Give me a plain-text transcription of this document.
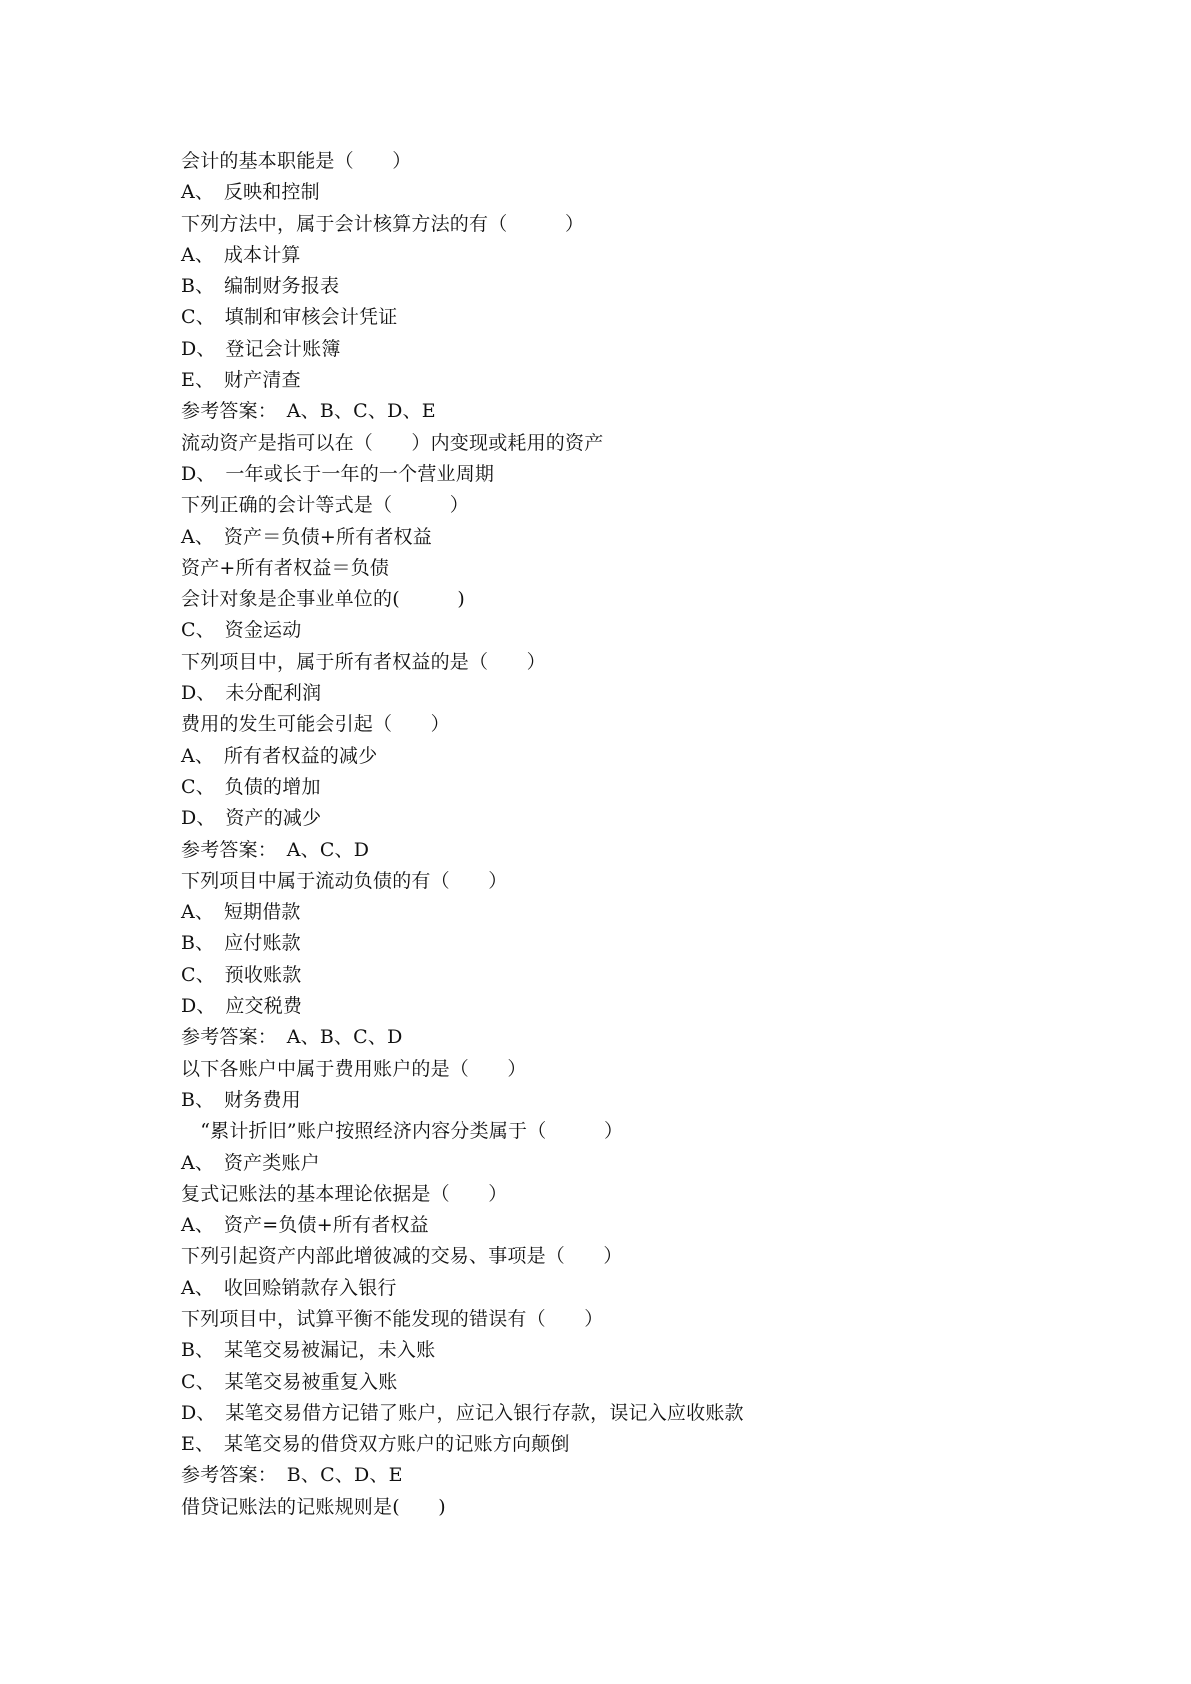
会计的基本职能是（　　）
A、　反映和控制
下列方法中，属于会计核算方法的有（　　　）
A、　成本计算
B、　编制财务报表
C、　填制和审核会计凭证
D、　登记会计账簿
E、　财产清查
参考答案：　A、B、C、D、E
流动资产是指可以在（　　）内变现或耗用的资产
D、　一年或长于一年的一个营业周期
下列正确的会计等式是（　　　）
A、　资产＝负债+所有者权益
资产+所有者权益＝负债
会计对象是企事业单位的(　　　)
C、　资金运动
下列项目中，属于所有者权益的是（　　）
D、　未分配利润
费用的发生可能会引起（　　）
A、　所有者权益的减少
C、　负债的增加
D、　资产的减少
参考答案：　A、C、D
下列项目中属于流动负债的有（　　）
A、　短期借款
B、　应付账款
C、　预收账款
D、　应交税费
参考答案：　A、B、C、D
以下各账户中属于费用账户的是（　　）
B、　财务费用
　“累计折旧”账户按照经济内容分类属于（　　　）
A、　资产类账户
复式记账法的基本理论依据是（　　）
A、　资产=负债+所有者权益
下列引起资产内部此增彼减的交易、事项是（　　）
A、　收回赊销款存入银行
下列项目中，试算平衡不能发现的错误有（　　）
B、　某笔交易被漏记，未入账
C、　某笔交易被重复入账
D、　某笔交易借方记错了账户，应记入银行存款，误记入应收账款
E、　某笔交易的借贷双方账户的记账方向颠倒
参考答案：　B、C、D、E
借贷记账法的记账规则是(　　)
